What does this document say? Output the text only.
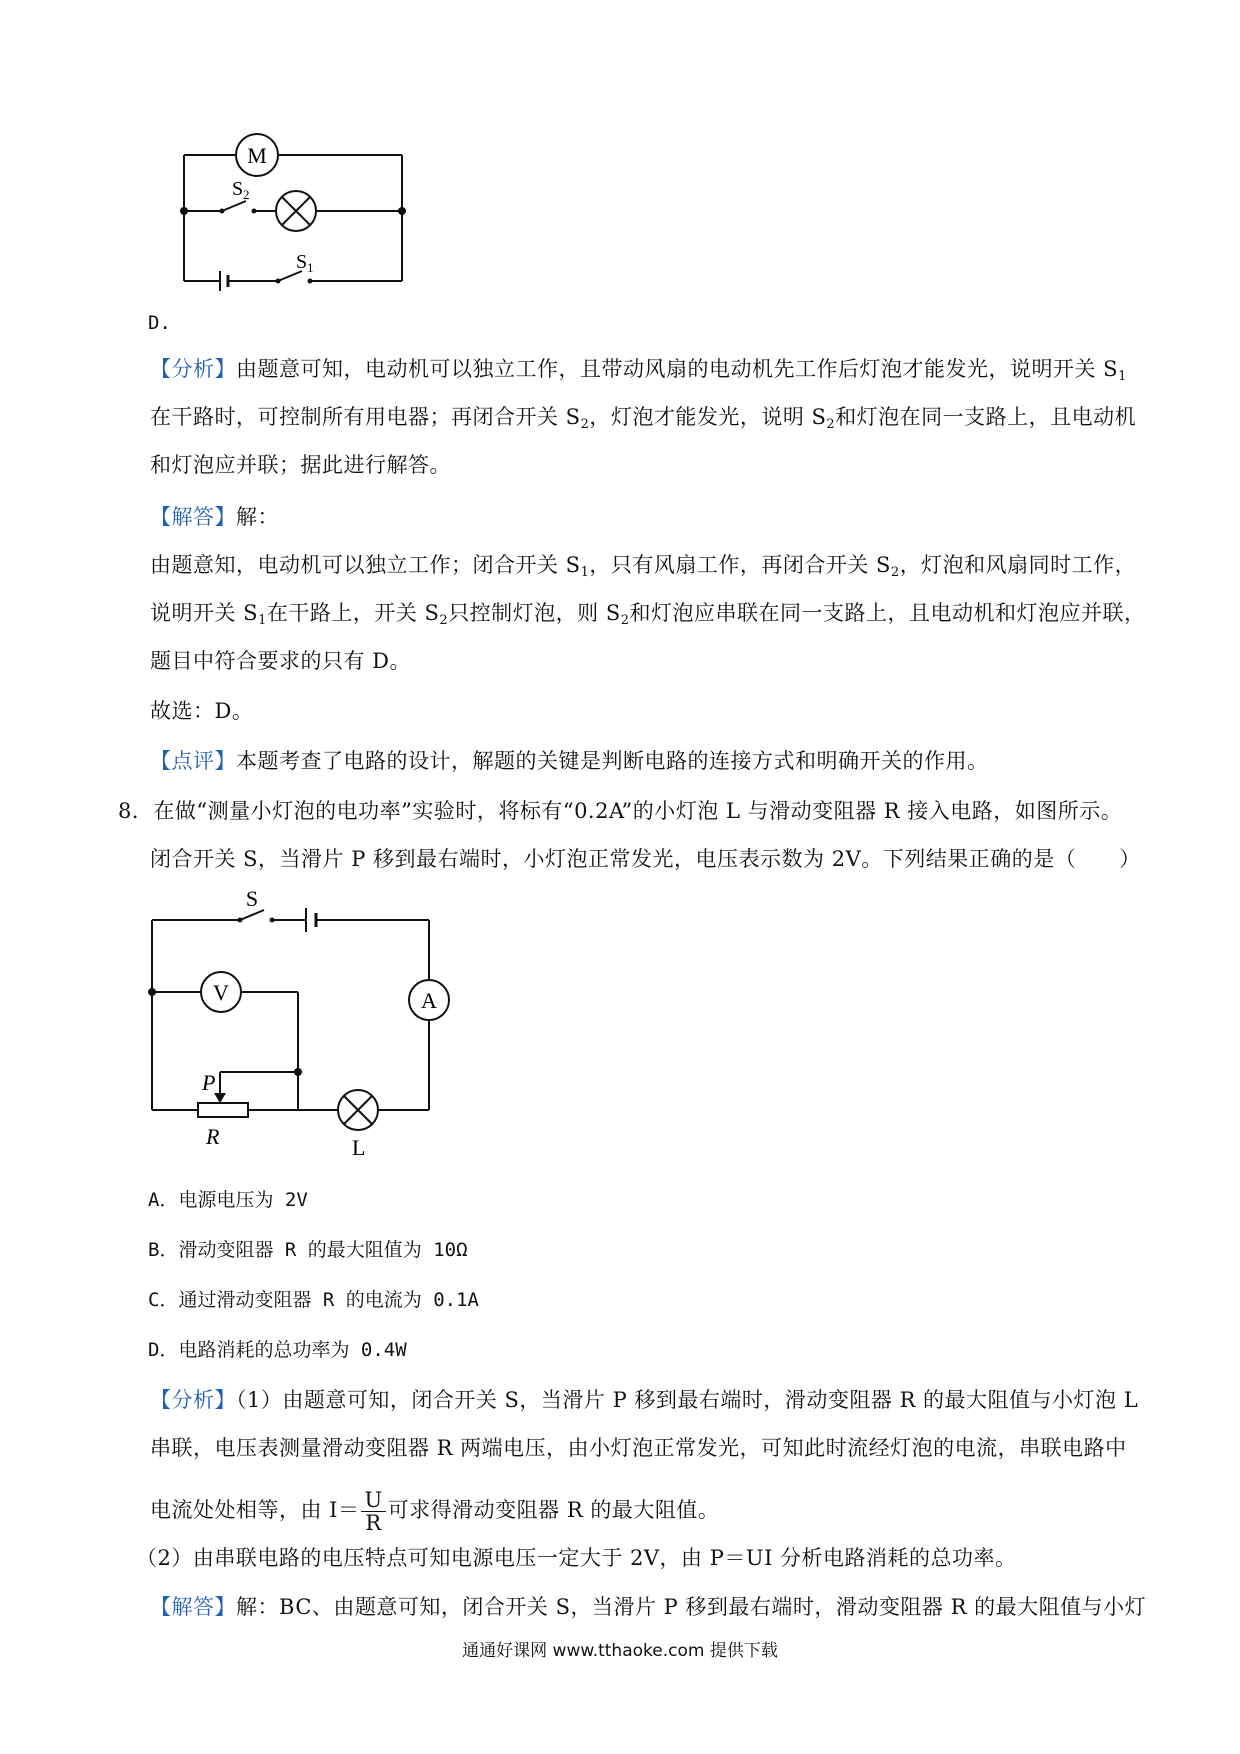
M
S 2
S 1
D.
【分析】由题意可知，电动机可以独立工作，且带动风扇的电动机先工作后灯泡才能发光，说明开关 $S_1$
在干路时，可控制所有用电器；再闭合开关 $S_2$，灯泡才能发光，说明 $S_2$和灯泡在同一支路上，且电动机
和灯泡应并联；据此进行解答。
【解答】解：
由题意知，电动机可以独立工作；闭合开关 $S_1$，只有风扇工作，再闭合开关 $S_2$，灯泡和风扇同时工作，
说明开关 $S_1$在干路上，开关 $S_2$只控制灯泡，则 $S_2$和灯泡应串联在同一支路上，且电动机和灯泡应并联，
题目中符合要求的只有 D。
故选：D。
【点评】本题考查了电路的设计，解题的关键是判断电路的连接方式和明确开关的作用。
8．在做“测量小灯泡的电功率”实验时，将标有“0.2A”的小灯泡 L 与滑动变阻器 R 接入电路，如图所示。
闭合开关 S，当滑片 P 移到最右端时，小灯泡正常发光，电压表示数为 2V。下列结果正确的是（　　）
S
V	A
P
R	L
A．电源电压为 2V
B．滑动变阻器 R 的最大阻值为 10Ω
C．通过滑动变阻器 R 的电流为 0.1A
D．电路消耗的总功率为 0.4W
【分析】（1）由题意可知，闭合开关 S，当滑片 P 移到最右端时，滑动变阻器 R 的最大阻值与小灯泡 L
串联，电压表测量滑动变阻器 R 两端电压，由小灯泡正常发光，可知此时流经灯泡的电流，串联电路中
电流处处相等，由 $I= \frac{U}{R}$ 可求得滑动变阻器 R 的最大阻值。
（2）由串联电路的电压特点可知电源电压一定大于 2V，由 P＝UI 分析电路消耗的总功率。
【解答】解：BC、由题意可知，闭合开关 S，当滑片 P 移到最右端时，滑动变阻器 R 的最大阻值与小灯
通通好课网 www.tthaoke.com 提供下载
